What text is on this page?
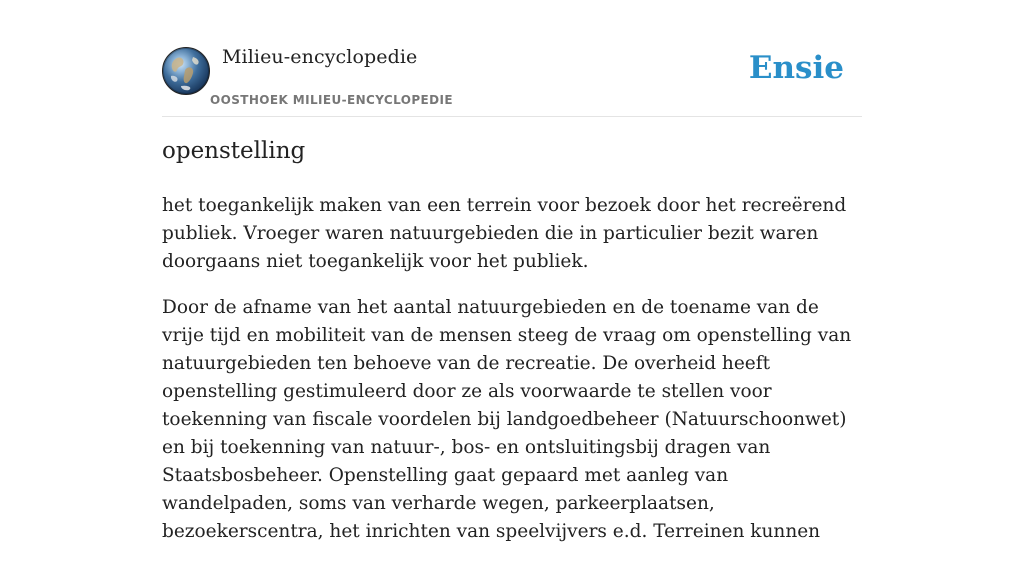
Milieu-encyclopedie
OOSTHOEK MILIEU-ENCYCLOPEDIE
Ensie
openstelling

het toegankelijk maken van een terrein voor bezoek door het recreërend publiek. Vroeger waren natuurgebieden die in particulier bezit waren doorgaans niet toegankelijk voor het publiek.

Door de afname van het aantal natuurgebieden en de toename van de vrije tijd en mobiliteit van de mensen steeg de vraag om openstelling van natuurgebieden ten behoeve van de recreatie. De overheid heeft openstelling gestimuleerd door ze als voorwaarde te stellen voor toekenning van fiscale voordelen bij landgoedbeheer (Natuurschoonwet) en bij toekenning van natuur-, bos- en ontsluitingsbij dragen van Staatsbosbeheer. Openstelling gaat gepaard met aanleg van wandelpaden, soms van verharde wegen, parkeerplaatsen, bezoekerscentra, het inrichten van speelvijvers e.d. Terreinen kunnen
